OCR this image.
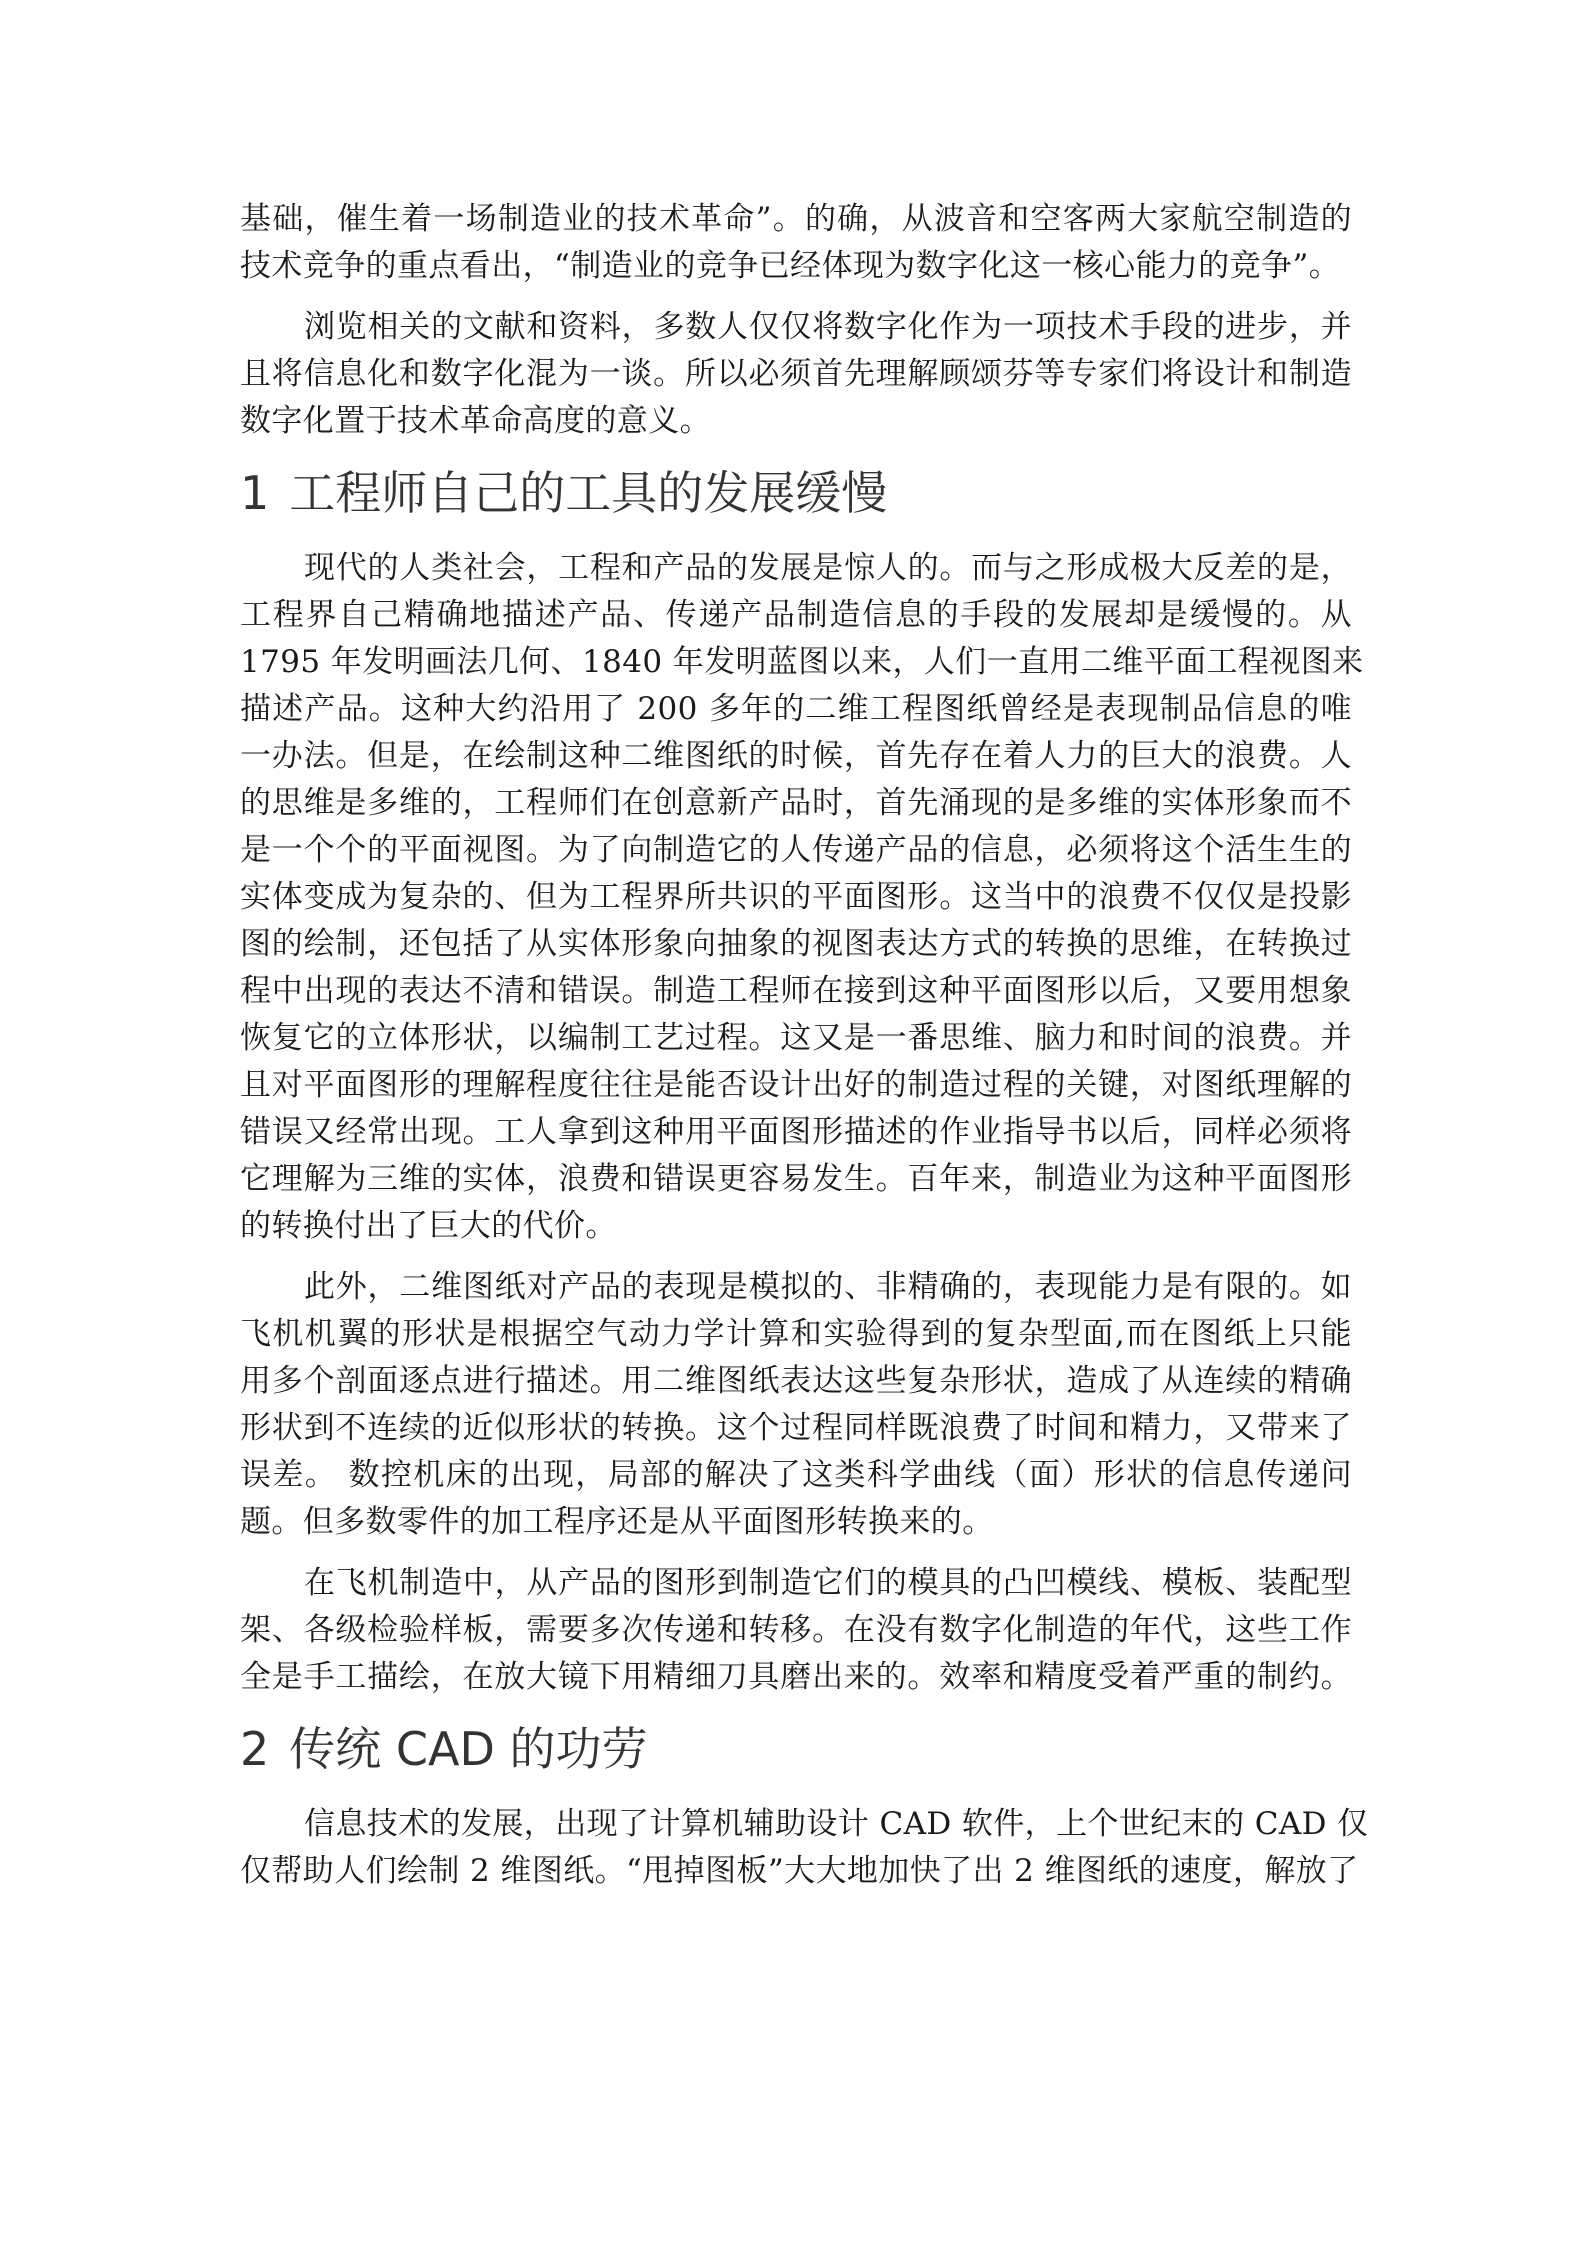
基础，催生着一场制造业的技术革命”。的确，从波音和空客两大家航空制造的
技术竞争的重点看出，“制造业的竞争已经体现为数字化这一核心能力的竞争”。
浏览相关的文献和资料，多数人仅仅将数字化作为一项技术手段的进步，并
且将信息化和数字化混为一谈。所以必须首先理解顾颂芬等专家们将设计和制造
数字化置于技术革命高度的意义。
1 工程师自己的工具的发展缓慢
现代的人类社会，工程和产品的发展是惊人的。而与之形成极大反差的是，
工程界自己精确地描述产品、传递产品制造信息的手段的发展却是缓慢的。从
1795 年发明画法几何、1840 年发明蓝图以来，人们一直用二维平面工程视图来
描述产品。这种大约沿用了 200 多年的二维工程图纸曾经是表现制品信息的唯
一办法。但是，在绘制这种二维图纸的时候，首先存在着人力的巨大的浪费。人
的思维是多维的，工程师们在创意新产品时，首先涌现的是多维的实体形象而不
是一个个的平面视图。为了向制造它的人传递产品的信息，必须将这个活生生的
实体变成为复杂的、但为工程界所共识的平面图形。这当中的浪费不仅仅是投影
图的绘制，还包括了从实体形象向抽象的视图表达方式的转换的思维，在转换过
程中出现的表达不清和错误。制造工程师在接到这种平面图形以后，又要用想象
恢复它的立体形状，以编制工艺过程。这又是一番思维、脑力和时间的浪费。并
且对平面图形的理解程度往往是能否设计出好的制造过程的关键，对图纸理解的
错误又经常出现。工人拿到这种用平面图形描述的作业指导书以后，同样必须将
它理解为三维的实体，浪费和错误更容易发生。百年来，制造业为这种平面图形
的转换付出了巨大的代价。
此外，二维图纸对产品的表现是模拟的、非精确的，表现能力是有限的。如
飞机机翼的形状是根据空气动力学计算和实验得到的复杂型面,而在图纸上只能
用多个剖面逐点进行描述。用二维图纸表达这些复杂形状，造成了从连续的精确
形状到不连续的近似形状的转换。这个过程同样既浪费了时间和精力，又带来了
误差。 数控机床的出现，局部的解决了这类科学曲线（面）形状的信息传递问
题。但多数零件的加工程序还是从平面图形转换来的。
在飞机制造中，从产品的图形到制造它们的模具的凸凹模线、模板、装配型
架、各级检验样板，需要多次传递和转移。在没有数字化制造的年代，这些工作
全是手工描绘，在放大镜下用精细刀具磨出来的。效率和精度受着严重的制约。
2 传统 CAD 的功劳
信息技术的发展，出现了计算机辅助设计 CAD 软件，上个世纪末的 CAD 仅
仅帮助人们绘制 2 维图纸。“甩掉图板”大大地加快了出 2 维图纸的速度，解放了
